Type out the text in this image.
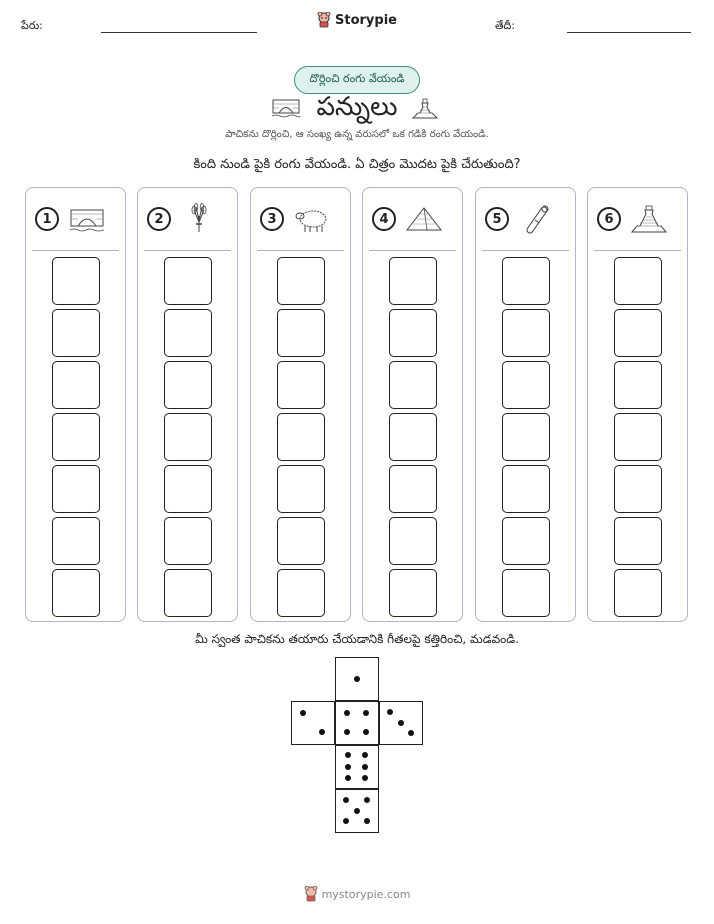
పేరు:	Storypie	తేదీ:
దొర్లించి రంగు వేయండి
పన్నులు
పాచికను దొర్లించి, ఆ సంఖ్య ఉన్న వరుసలో ఒక గడికి రంగు వేయండి.
కింది నుండి పైకి రంగు వేయండి. ఏ చిత్రం మొదట పైకి చేరుతుంది?
1	2	3	4	5	6
మీ స్వంత పాచికను తయారు చేయడానికి గీతలపై కత్తిరించి, మడవండి.
mystorypie.com
